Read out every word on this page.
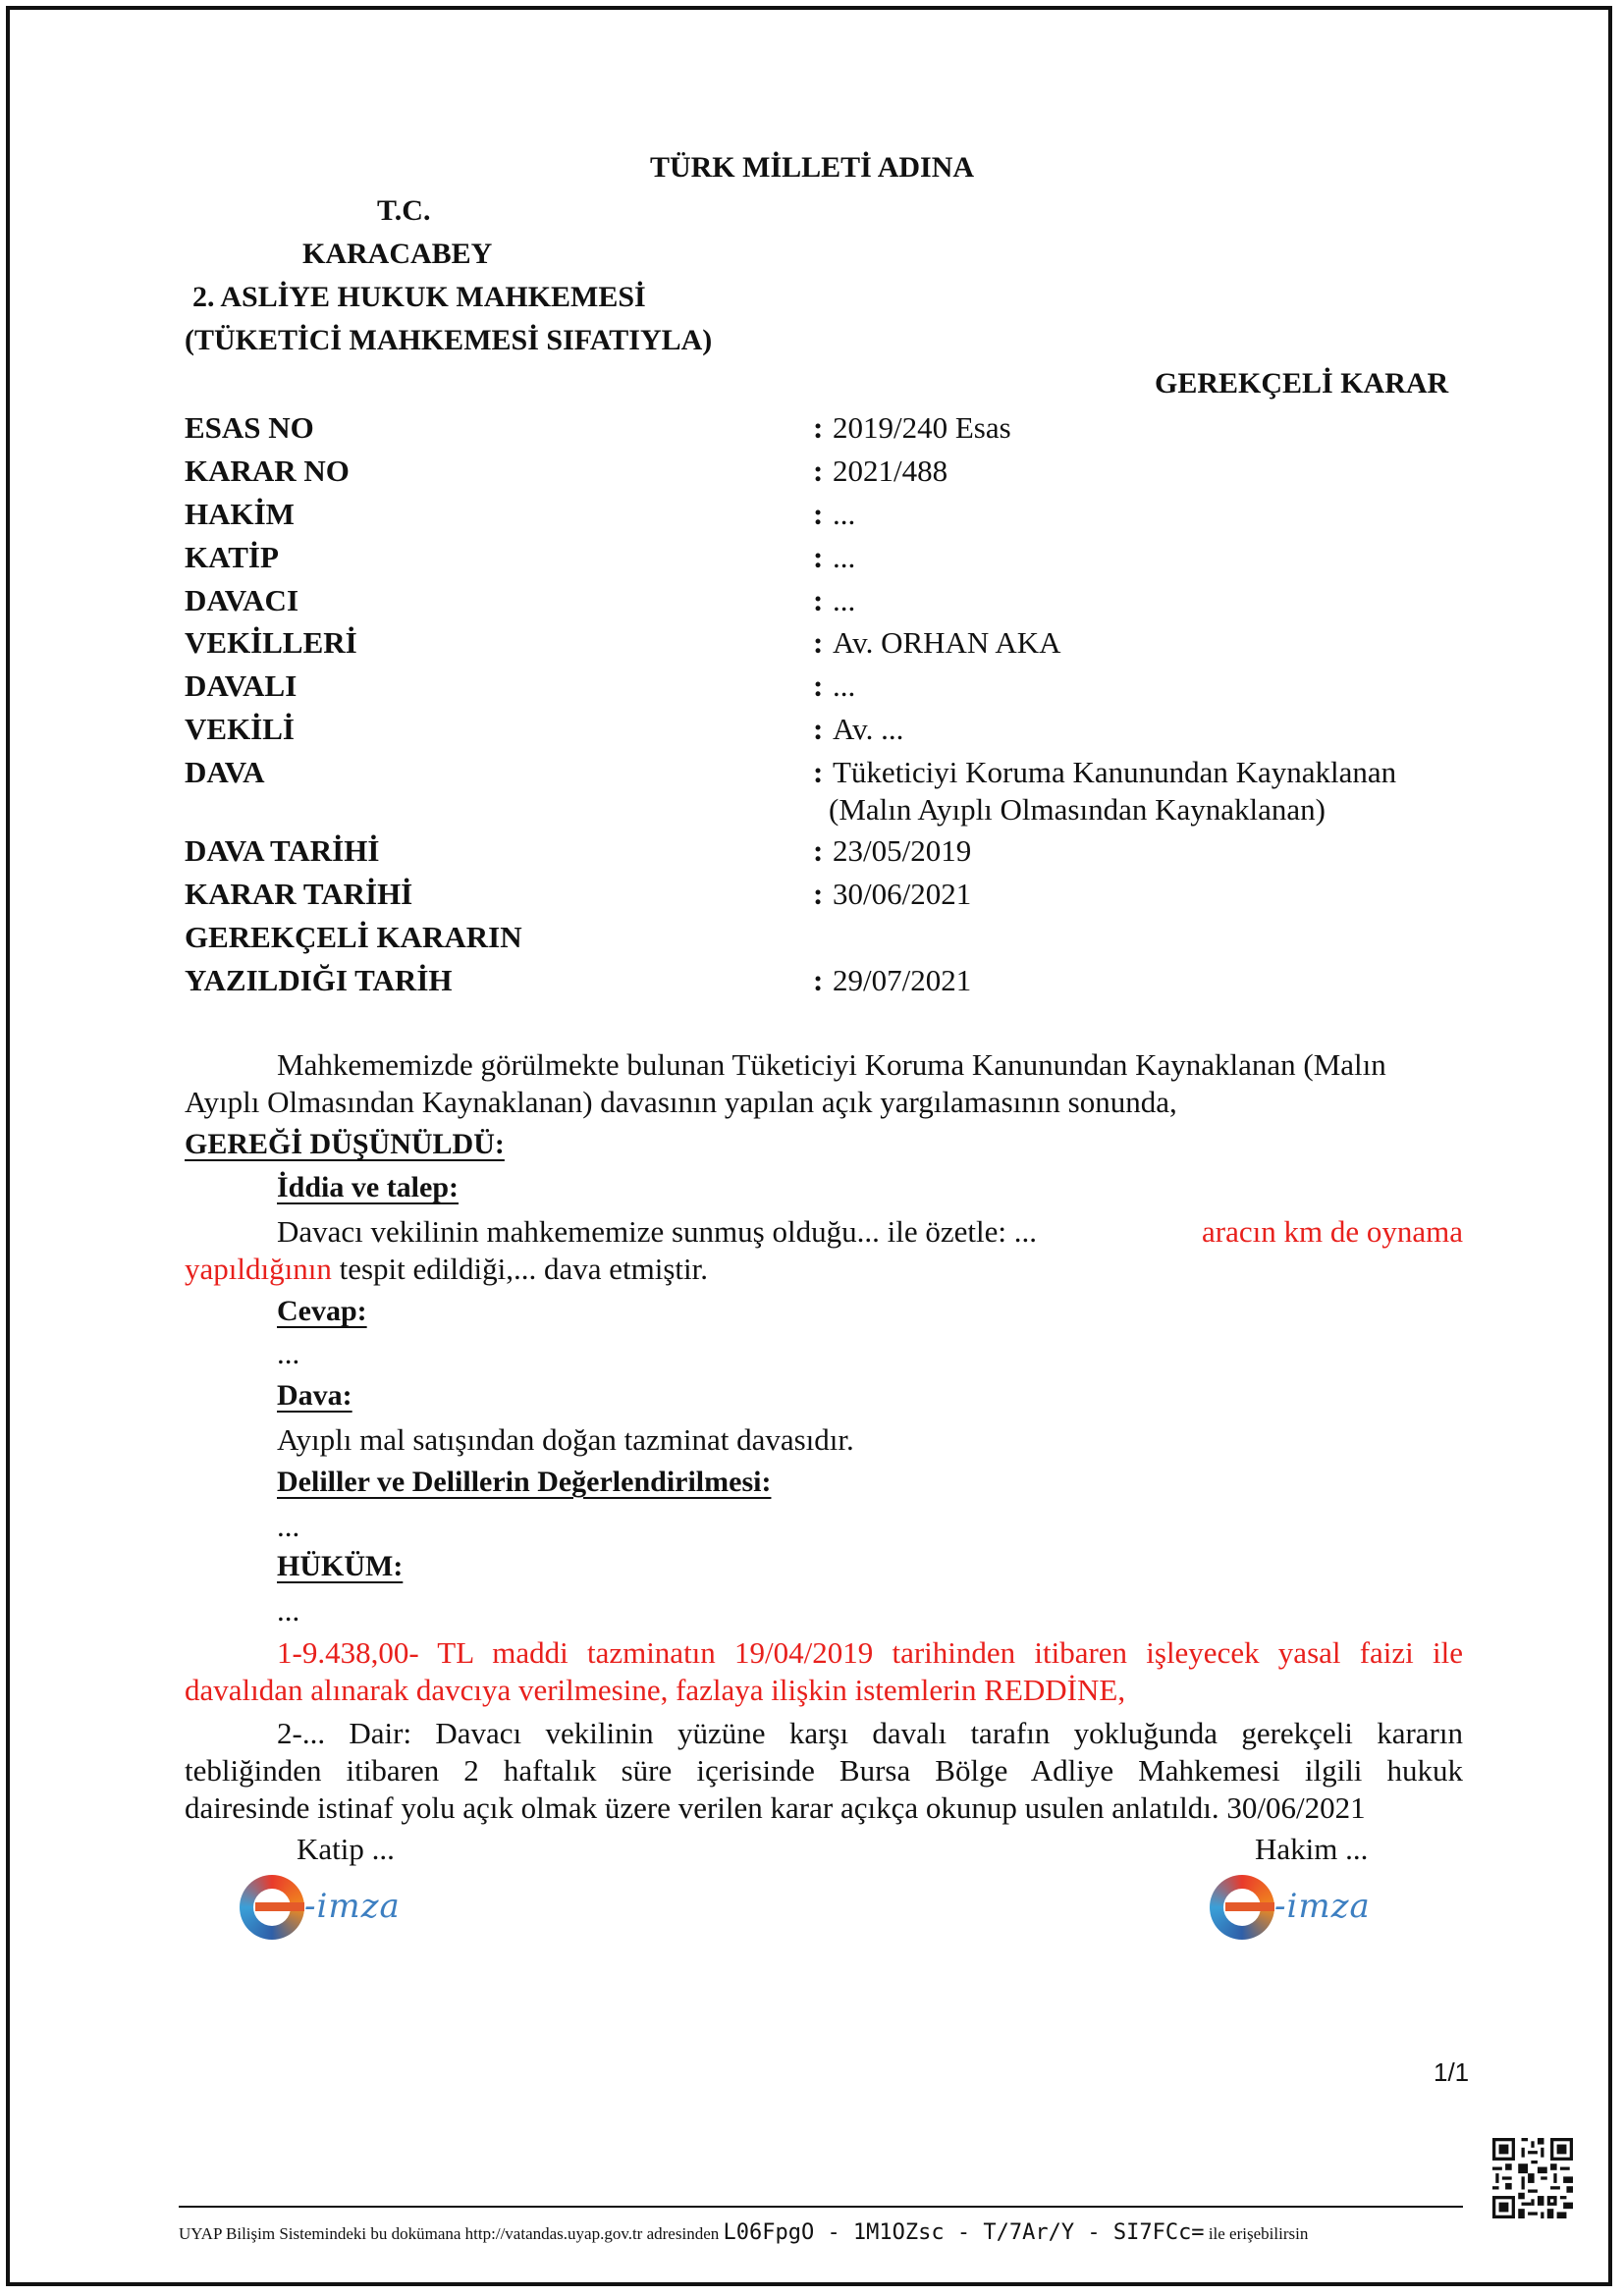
TÜRK MİLLETİ ADINA
T.C.
KARACABEY
2. ASLİYE HUKUK MAHKEMESİ
(TÜKETİCİ MAHKEMESİ SIFATIYLA)
GEREKÇELİ KARAR
ESAS NO	: 2019/240 Esas
KARAR NO	: 2021/488
HAKİM	: ...
KATİP	: ...
DAVACI	: ...
VEKİLLERİ	: Av. ORHAN AKA
DAVALI	: ...
VEKİLİ	: Av. ...
DAVA	: Tüketiciyi Koruma Kanunundan Kaynaklanan
(Malın Ayıplı Olmasından Kaynaklanan)
DAVA TARİHİ	: 23/05/2019
KARAR TARİHİ	: 30/06/2021
GEREKÇELİ KARARIN
YAZILDIĞI TARİH	: 29/07/2021
Mahkememizde görülmekte bulunan Tüketiciyi Koruma Kanunundan Kaynaklanan (Malın
Ayıplı Olmasından Kaynaklanan) davasının yapılan açık yargılamasının sonunda,
GEREĞİ DÜŞÜNÜLDÜ:
İddia ve talep:
Davacı vekilinin mahkememize sunmuş olduğu... ile özetle: ...	aracın km de oynama
yapıldığının tespit edildiği,... dava etmiştir.
Cevap:
...
Dava:
Ayıplı mal satışından doğan tazminat davasıdır.
Deliller ve Delillerin Değerlendirilmesi:
...
HÜKÜM:
...
1-9.438,00- TL maddi tazminatın 19/04/2019 tarihinden itibaren işleyecek yasal faizi ile
davalıdan alınarak davcıya verilmesine, fazlaya ilişkin istemlerin REDDİNE,
2-... Dair: Davacı vekilinin yüzüne karşı davalı tarafın yokluğunda gerekçeli kararın
tebliğinden itibaren 2 haftalık süre içerisinde Bursa Bölge Adliye Mahkemesi ilgili hukuk
dairesinde istinaf yolu açık olmak üzere verilen karar açıkça okunup usulen anlatıldı. 30/06/2021
Katip ...	Hakim ...
-imza	-imza
1/1
UYAP Bilişim Sistemindeki bu dokümana http://vatandas.uyap.gov.tr adresinden L06FpgO - 1M1OZsc - T/7Ar/Y - SI7FCc= ile erişebilirsin
